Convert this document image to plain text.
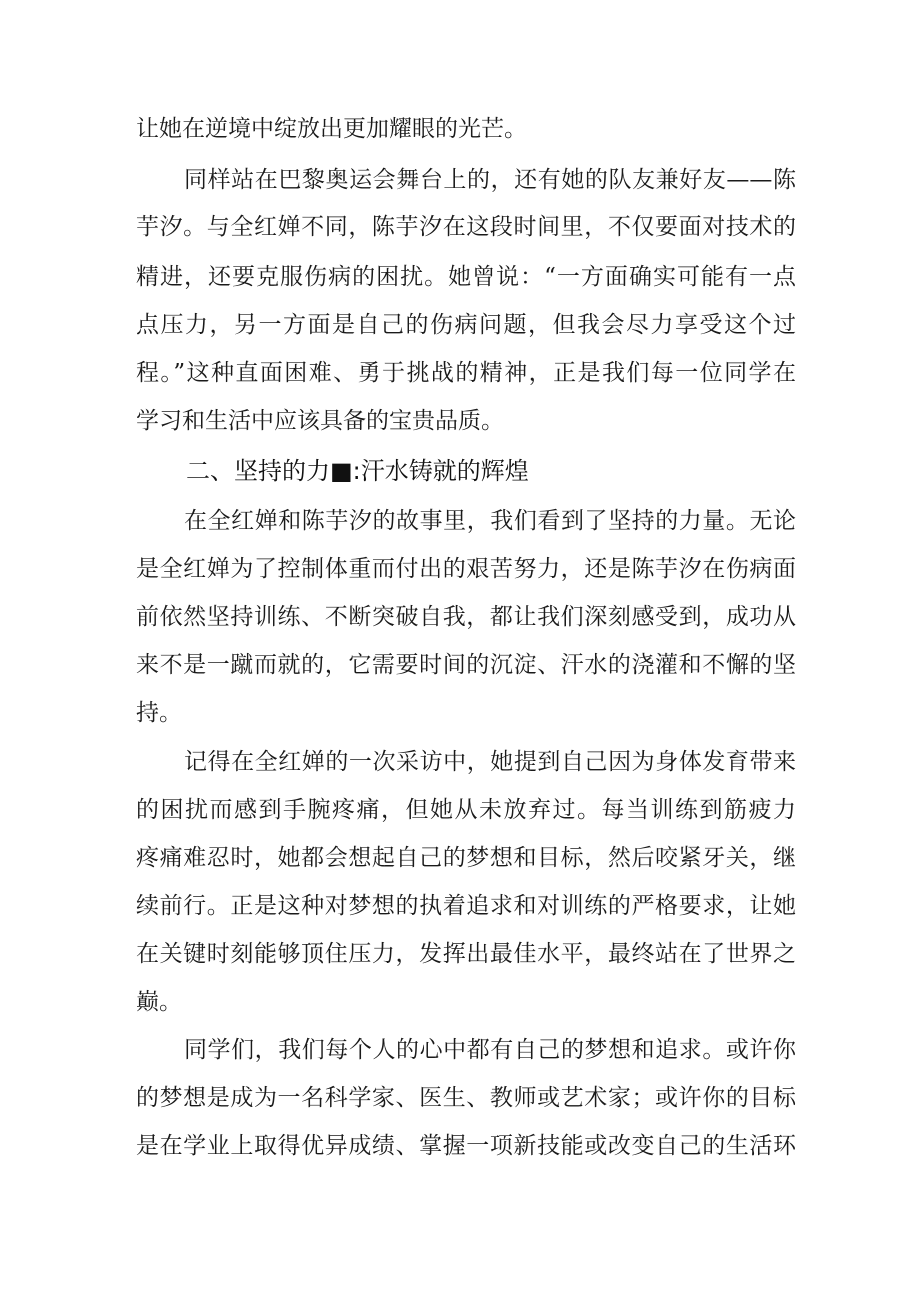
让她在逆境中绽放出更加耀眼的光芒。
同样站在巴黎奥运会舞台上的，还有她的队友兼好友——陈
芋汐。与全红婵不同，陈芋汐在这段时间里，不仅要面对技术的
精进，还要克服伤病的困扰。她曾说：“一方面确实可能有一点
点压力，另一方面是自己的伤病问题，但我会尽力享受这个过
程。”这种直面困难、勇于挑战的精神，正是我们每一位同学在
学习和生活中应该具备的宝贵品质。
二、坚持的力■:汗水铸就的辉煌
在全红婵和陈芋汐的故事里，我们看到了坚持的力量。无论
是全红婵为了控制体重而付出的艰苦努力，还是陈芋汐在伤病面
前依然坚持训练、不断突破自我，都让我们深刻感受到，成功从
来不是一蹴而就的，它需要时间的沉淀、汗水的浇灌和不懈的坚
持。
记得在全红婵的一次采访中，她提到自己因为身体发育带来
的困扰而感到手腕疼痛，但她从未放弃过。每当训练到筋疲力
疼痛难忍时，她都会想起自己的梦想和目标，然后咬紧牙关，继
续前行。正是这种对梦想的执着追求和对训练的严格要求，让她
在关键时刻能够顶住压力，发挥出最佳水平，最终站在了世界之
巅。
同学们，我们每个人的心中都有自己的梦想和追求。或许你
的梦想是成为一名科学家、医生、教师或艺术家；或许你的目标
是在学业上取得优异成绩、掌握一项新技能或改变自己的生活环
